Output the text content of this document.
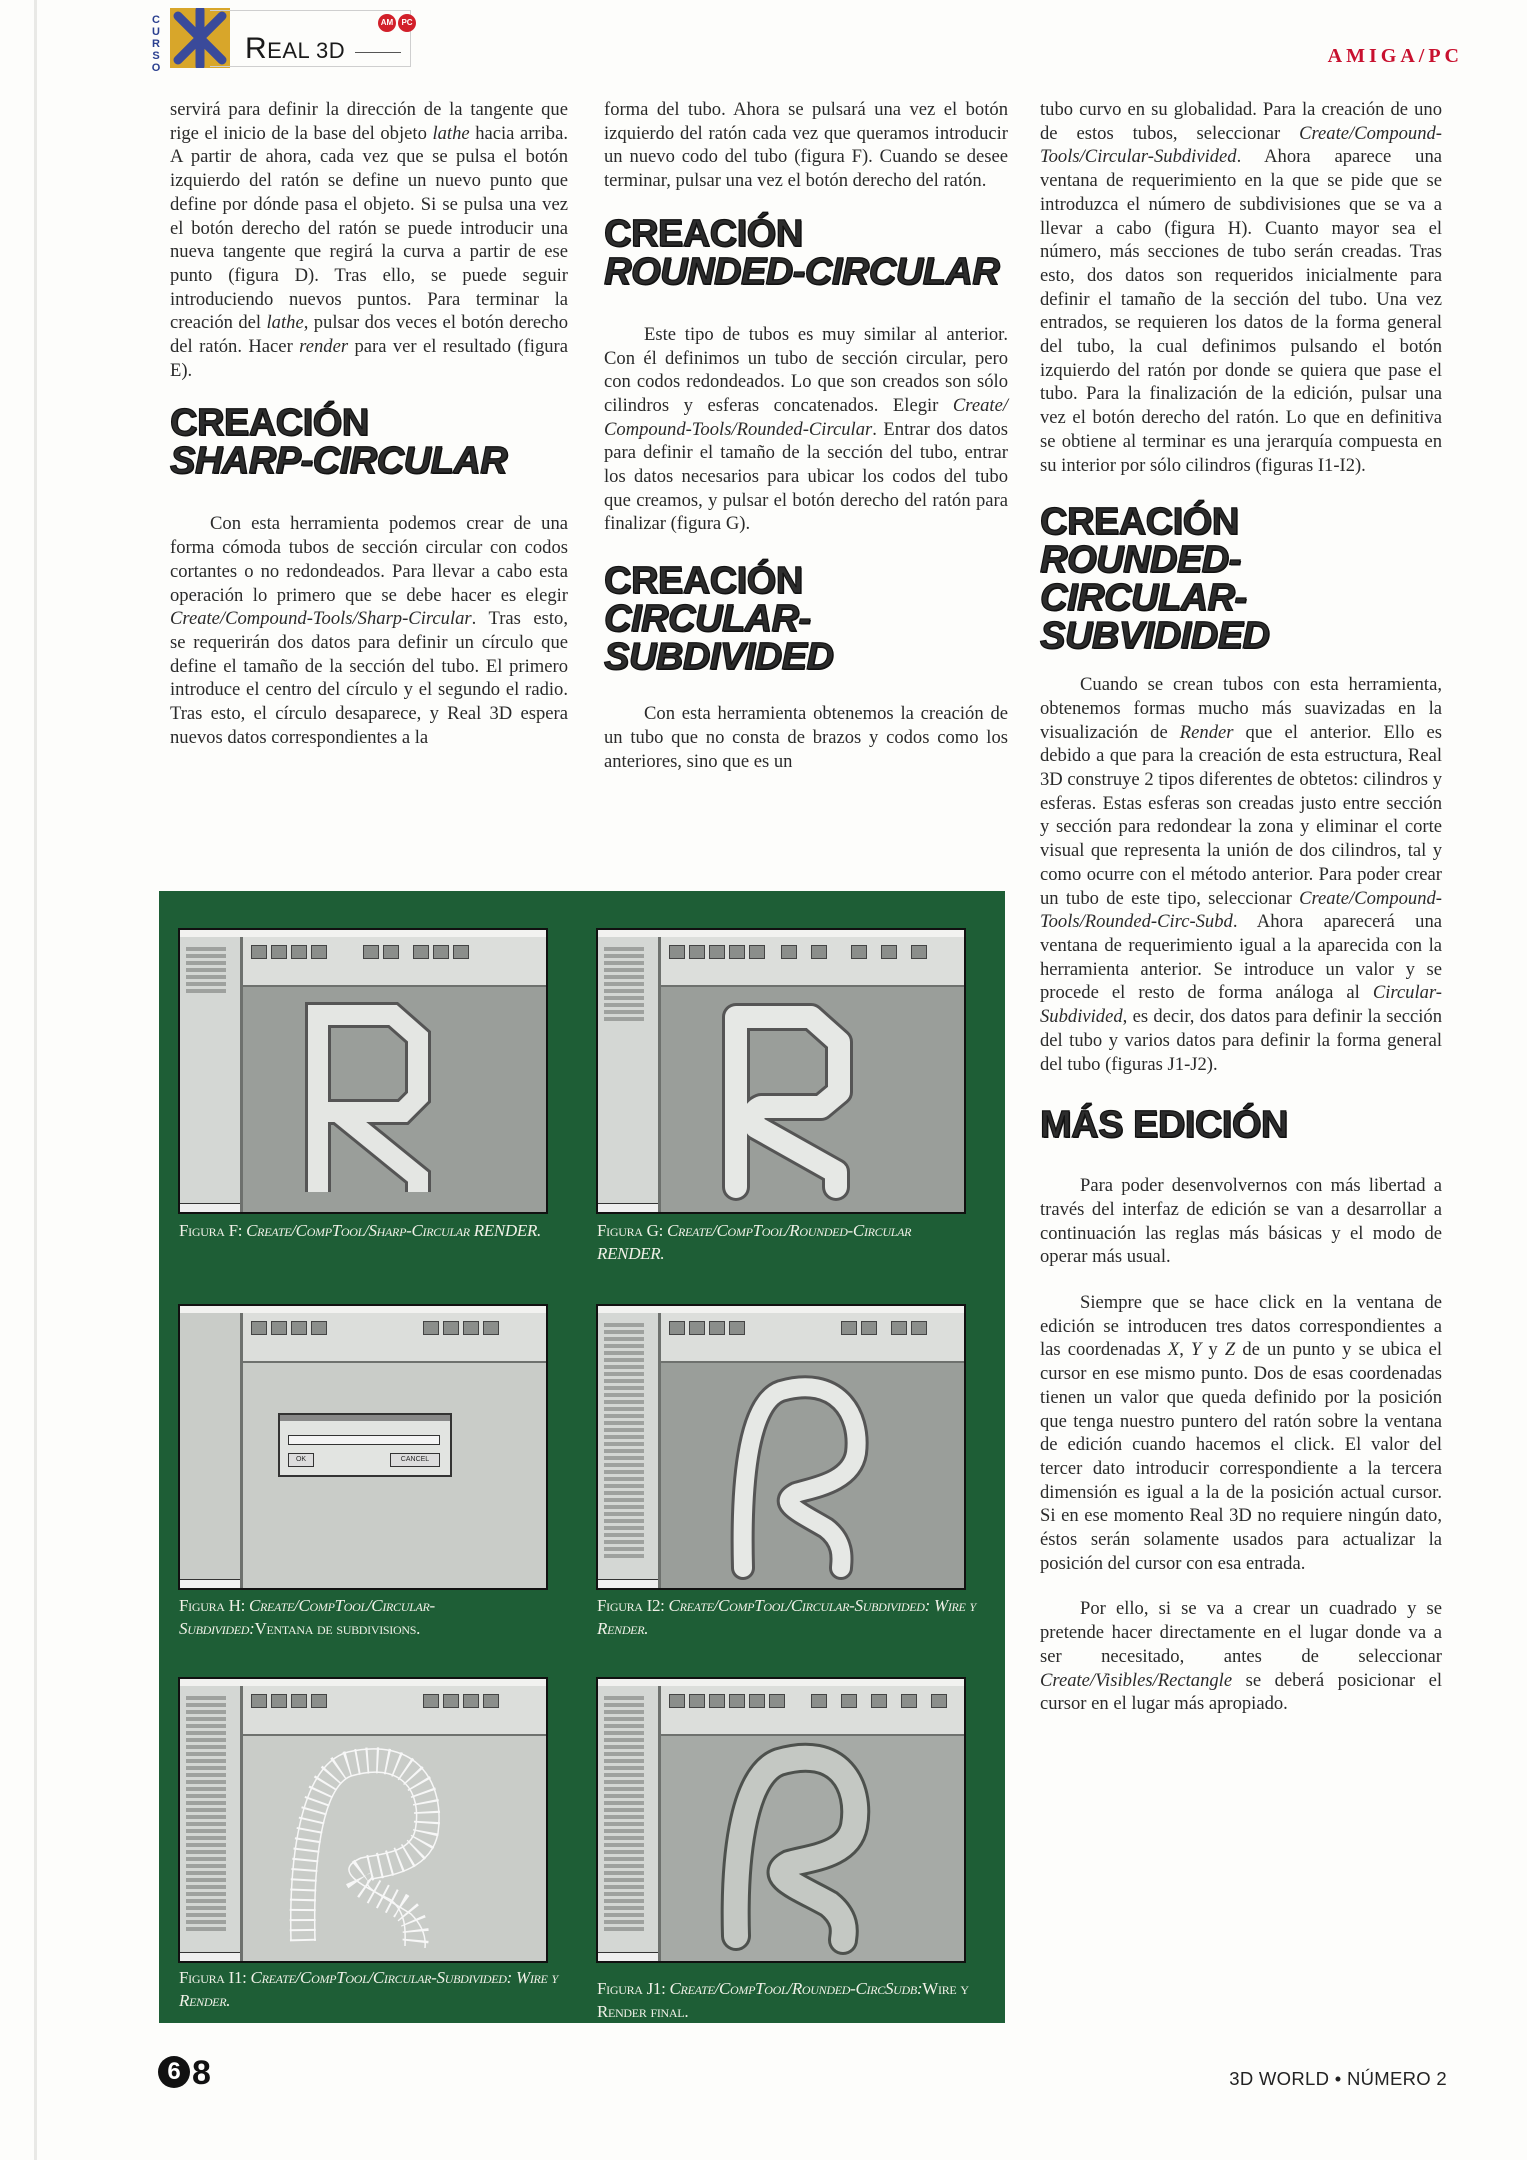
C
U
R
S
O
REAL 3D
AM	PC
AMIGA/PC

servirá para definir la dirección de la tangente que rige el inicio de la base del objeto lathe hacia arriba. A partir de ahora, cada vez que se pulsa el botón izquierdo del ratón se define un nuevo punto que define por dónde pasa el objeto. Si se pulsa una vez el botón derecho del ratón se puede introducir una nueva tangente que regirá la curva a partir de ese punto (figura D). Tras ello, se puede seguir introduciendo nuevos puntos. Para terminar la creación del lathe, pulsar dos veces el botón derecho del ratón. Hacer render para ver el resultado (figura E).

CREACIÓN
SHARP-CIRCULAR

Con esta herramienta podemos crear de una forma cómoda tubos de sección circular con codos cortantes o no redondeados. Para llevar a cabo esta operación lo primero que se debe hacer es elegir Create/Compound-Tools/Sharp-Circular. Tras esto, se requerirán dos datos para definir un círculo que define el tamaño de la sección del tubo. El primero introduce el centro del círculo y el segundo el radio. Tras esto, el círculo desaparece, y Real 3D espera nuevos datos correspondientes a la

forma del tubo. Ahora se pulsará una vez el botón izquierdo del ratón cada vez que queramos introducir un nuevo codo del tubo (figura F). Cuando se desee terminar, pulsar una vez el botón derecho del ratón.

CREACIÓN
ROUNDED-CIRCULAR

Este tipo de tubos es muy similar al anterior. Con él definimos un tubo de sección circular, pero con codos redondeados. Lo que son creados son sólo cilindros y esferas concatenados. Elegir Create/ Compound-Tools/Rounded-Circular. Entrar dos datos para definir el tamaño de la sección del tubo, entrar los datos necesarios para ubicar los codos del tubo que creamos, y pulsar el botón derecho del ratón para finalizar (figura G).

CREACIÓN
CIRCULAR-
SUBDIVIDED

Con esta herramienta obtenemos la creación de un tubo que no consta de brazos y codos como los anteriores, sino que es un

tubo curvo en su globalidad. Para la creación de uno de estos tubos, seleccionar Create/Compound-Tools/Circular-Subdivided. Ahora aparece una ventana de requerimiento en la que se pide que se introduzca el número de subdivisiones que se va a llevar a cabo (figura H). Cuanto mayor sea el número, más secciones de tubo serán creadas. Tras esto, dos datos son requeridos inicialmente para definir el tamaño de la sección del tubo. Una vez entrados, se requieren los datos de la forma general del tubo, la cual definimos pulsando el botón izquierdo del ratón por donde se quiera que pase el tubo. Para la finalización de la edición, pulsar una vez el botón derecho del ratón. Lo que en definitiva se obtiene al terminar es una jerarquía compuesta en su interior por sólo cilindros (figuras I1-I2).

CREACIÓN
ROUNDED-CIRCULAR-
SUBVIDIDED

Cuando se crean tubos con esta herramienta, obtenemos formas mucho más suavizadas en la visualización de Render que el anterior. Ello es debido a que para la creación de esta estructura, Real 3D construye 2 tipos diferentes de obtetos: cilindros y esferas. Estas esferas son creadas justo entre sección y sección para redondear la zona y eliminar el corte visual que representa la unión de dos cilindros, tal y como ocurre con el método anterior. Para poder crear un tubo de este tipo, seleccionar Create/Compound-Tools/Rounded-Circ-Subd. Ahora aparecerá una ventana de requerimiento igual a la aparecida con la herramienta anterior. Se introduce un valor y se procede el resto de forma análoga al Circular-Subdivided, es decir, dos datos para definir la sección del tubo y varios datos para definir la forma general del tubo (figuras J1-J2).

MÁS EDICIÓN

Para poder desenvolvernos con más libertad a través del interfaz de edición se van a desarrollar a continuación las reglas más básicas y el modo de operar más usual.

Siempre que se hace click en la ventana de edición se introducen tres datos correspondientes a las coordenadas X, Y y Z de un punto y se ubica el cursor en ese mismo punto. Dos de esas coordenadas tienen un valor que queda definido por la posición que tenga nuestro puntero del ratón sobre la ventana de edición cuando hacemos el click. El valor del tercer dato introducir correspondiente a la tercera dimensión es igual a la de la posición actual cursor. Si en ese momento Real 3D no requiere ningún dato, éstos serán solamente usados para actualizar la posición del cursor con esa entrada.

Por ello, si se va a crear un cuadrado y se pretende hacer directamente en el lugar donde va a ser necesitado, antes de seleccionar Create/Visibles/Rectangle se deberá posicionar el cursor en el lugar más apropiado.

Figura F: Create/CompTool/Sharp-Circular RENDER.	Figura G: Create/CompTool/Rounded-Circular RENDER.
OK	CANCEL
Figura H: Create/CompTool/Circular-Subdivided:Ventana de subdivisions.
Figura I2: Create/CompTool/Circular-Subdivided: Wire y Render.
Figura I1: Create/CompTool/Circular-Subdivided: Wire y Render.
Figura J1: Create/CompTool/Rounded-CircSudb:Wire y Render final.
6 8	3D WORLD • NÚMERO 2
